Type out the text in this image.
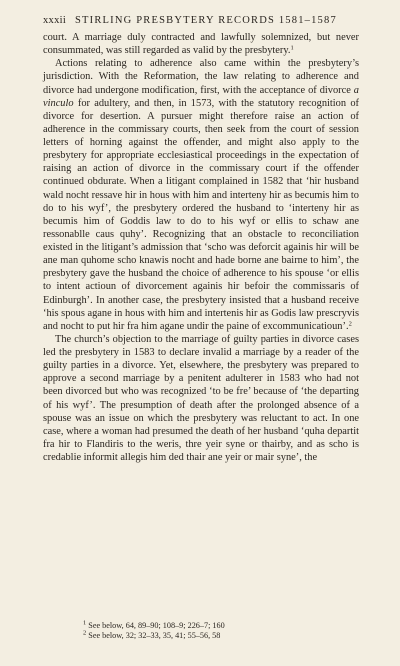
xxxii STIRLING PRESBYTERY RECORDS 1581–1587

court. A marriage duly contracted and lawfully solemnized, but never consummated, was still regarded as valid by the presbytery.$^1$

Actions relating to adherence also came within the presbytery’s jurisdiction. With the Reformation, the law relating to adherence and divorce had undergone modification, first, with the acceptance of divorce a vinculo for adultery, and then, in 1573, with the statutory recognition of divorce for desertion. A pursuer might therefore raise an action of adherence in the commissary courts, then seek from the court of session letters of horning against the offender, and might also apply to the presbytery for appropriate ecclesiastical proceedings in the expectation of raising an action of divorce in the commissary court if the offender continued obdurate. When a litigant complained in 1582 that ‘hir husband wald nocht ressave hir in hous with him and interteny hir as becumis him to do to his wyf’, the presbytery ordered the husband to ‘interteny hir as becumis him of Goddis law to do to his wyf or ellis to schaw ane ressonablle caus quhy’. Recognizing that an obstacle to reconciliation existed in the litigant’s admission that ‘scho was deforcit againis hir will be ane man quhome scho knawis nocht and hade borne ane bairne to him’, the presbytery gave the husband the choice of adherence to his spouse ‘or ellis to intent actioun of divorcement againis hir befoir the commissaris of Edinburgh’. In another case, the presbytery insisted that a husband receive ‘his spous agane in hous with him and intertenis hir as Godis law prescryvis and nocht to put hir fra him agane undir the paine of excommunicatioun’.$^2$

The church’s objection to the marriage of guilty parties in divorce cases led the presbytery in 1583 to declare invalid a marriage by a reader of the guilty parties in a divorce. Yet, elsewhere, the presbytery was prepared to approve a second marriage by a penitent adulterer in 1583 who had not been divorced but who was recognized ‘to be fre’ because of ‘the departing of his wyf’. The presumption of death after the prolonged absence of a spouse was an issue on which the presbytery was reluctant to act. In one case, where a woman had presumed the death of her husband ‘quha departit fra hir to Flandiris to the weris, thre yeir syne or thairby, and as scho is credablie informit allegis him ded thair ane yeir or mair syne’, the

$^1$ See below, 64, 89–90; 108–9; 226–7; 160
$^2$ See below, 32; 32–33, 35, 41; 55–56, 58
